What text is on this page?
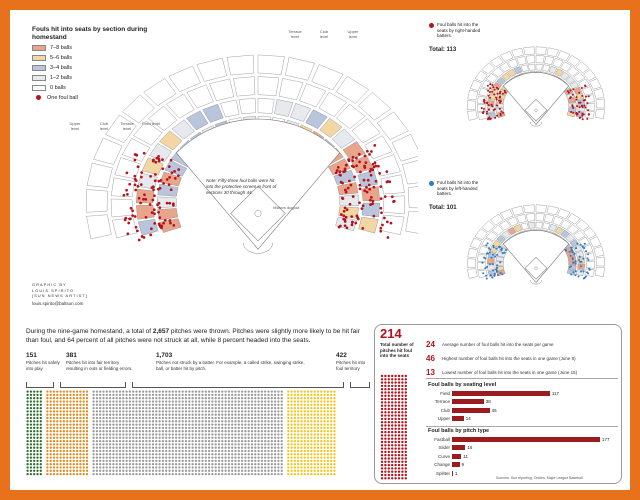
Fouls hit into seats by section during homestand
7–8 balls
5–6 balls
3–4 balls
1–2 balls
0 balls
One foul ball
Terrace level
Club level
Upper level
Upper level
Club level
Terrace level
Field level
Visitors dugout
Note: Fifty-three foul balls were hit into the protective screen in front of sections 30 through 44.
GRAPHIC BY
LOUIS SPIRITO
[SUN NEWS ARTIST]
louis.spirito@baltsun.com
Foul balls hit into the seats by right-handed batters.
Total: 113
Foul balls hit into the seats by left-handed batters.
Total: 101
During the nine-game homestand, a total of 2,657 pitches were thrown. Pitches were slightly more likely to be hit fair than foul, and 64 percent of all pitches were not struck at all, while 8 percent headed into the seats.
151
Pitches hit safely into play
381
Pitches hit into fair territory resulting in outs or fielding errors.
1,703
Pitches not struck by a batter. For example, a called strike, swinging strike, ball, or batter hit by pitch.
422
Pitches hit into foul territory
214
Total number of pitches hit foul into the seats
24	Average number of foul balls hit into the seats per game
46	Highest number of foul balls hit into the seats in one game (June 8)
13	Lowest number of foul balls hit into the seats in one game (June 15)
Foul balls by seating level
Field	117
Terrace	38
Club	45
Upper	14
Foul balls by pitch type
Fastball	177
Slider	16
Curve	11
Change	9
Splitter	1
Sources: Sun reporting, Orioles, Major League Baseball
